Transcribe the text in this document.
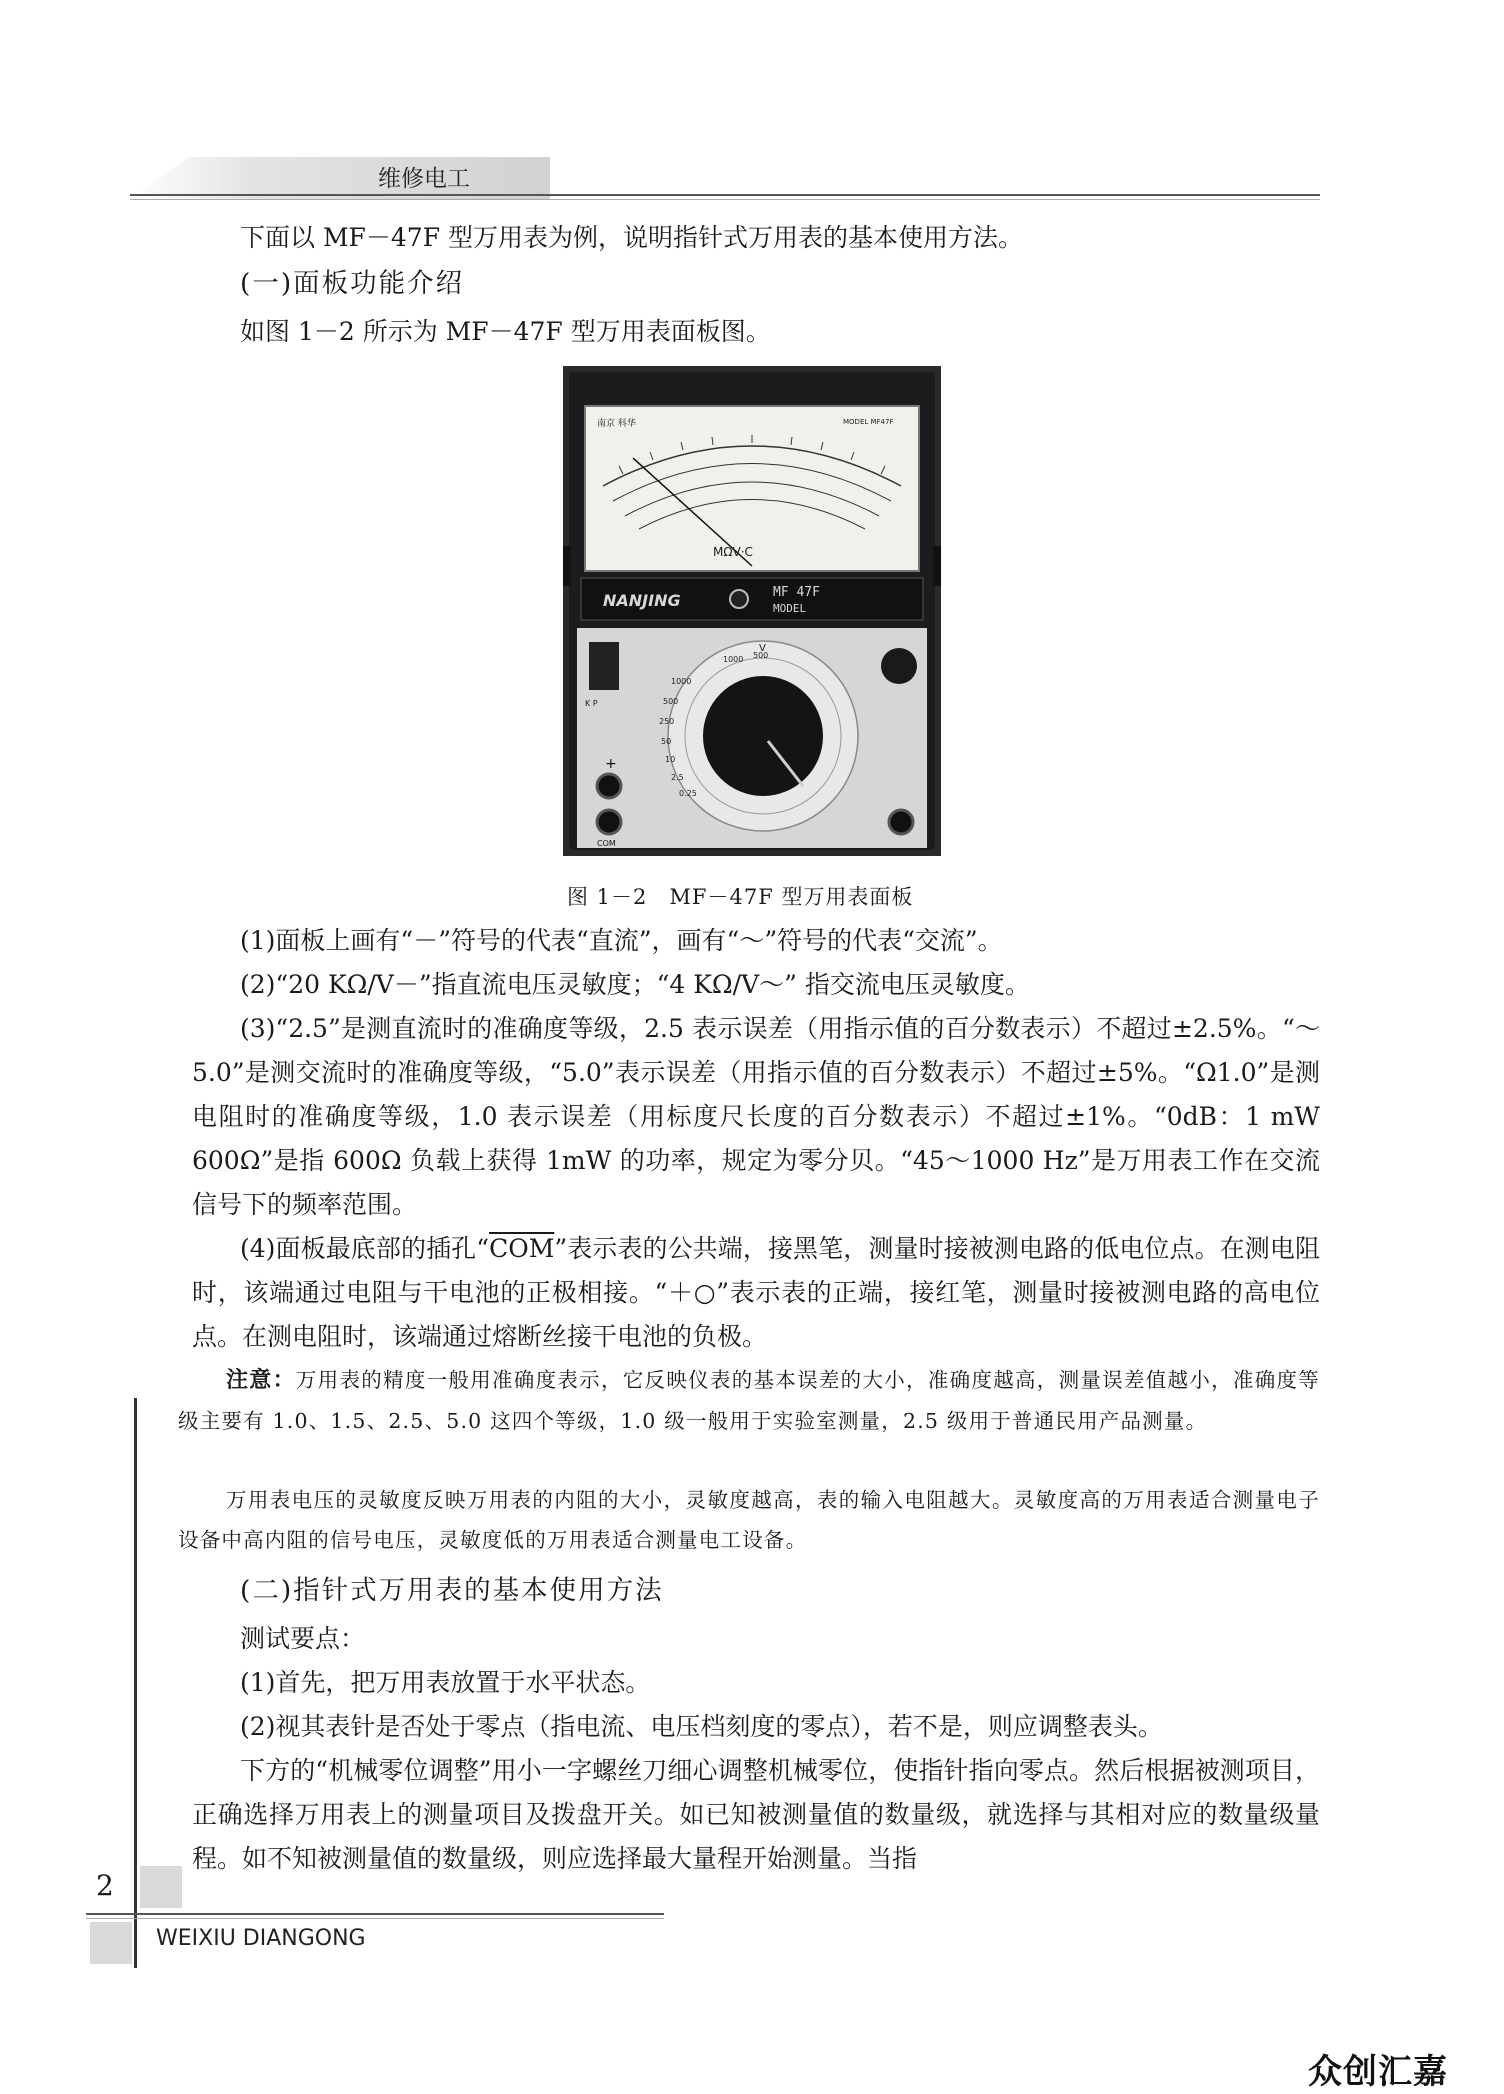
维修电工

下面以 MF－47F 型万用表为例，说明指针式万用表的基本使用方法。

(一)面板功能介绍

如图 1－2 所示为 MF－47F 型万用表面板图。

南京 科华	MODEL MF47F
MΩV·C
NANJING	MF 47F
MODEL
1000
500
250
50
10
2.5
0.25
1000 500
V
K P
+
COM
图 1－2　MF－47F 型万用表面板

(1)面板上画有“－”符号的代表“直流”，画有“～”符号的代表“交流”。

(2)“20 KΩ/V－”指直流电压灵敏度；“4 KΩ/V～” 指交流电压灵敏度。

(3)“2.5”是测直流时的准确度等级，2.5 表示误差（用指示值的百分数表示）不超过±2.5%。“～5.0”是测交流时的准确度等级，“5.0”表示误差（用指示值的百分数表示）不超过±5%。“Ω1.0”是测电阻时的准确度等级，1.0 表示误差（用标度尺长度的百分数表示）不超过±1%。“0dB：1 mW 600Ω”是指 600Ω 负载上获得 1mW 的功率，规定为零分贝。“45～1000 Hz”是万用表工作在交流信号下的频率范围。

(4)面板最底部的插孔“$\overline{COM}$”表示表的公共端，接黑笔，测量时接被测电路的低电位点。在测电阻时，该端通过电阻与干电池的正极相接。“＋○”表示表的正端，接红笔，测量时接被测电路的高电位点。在测电阻时，该端通过熔断丝接干电池的负极。

注意：万用表的精度一般用准确度表示，它反映仪表的基本误差的大小，准确度越高，测量误差值越小，准确度等级主要有 1.0、1.5、2.5、5.0 这四个等级，1.0 级一般用于实验室测量，2.5 级用于普通民用产品测量。
万用表电压的灵敏度反映万用表的内阻的大小，灵敏度越高，表的输入电阻越大。灵敏度高的万用表适合测量电子设备中高内阻的信号电压，灵敏度低的万用表适合测量电工设备。
(二)指针式万用表的基本使用方法

测试要点：

(1)首先，把万用表放置于水平状态。

(2)视其表针是否处于零点（指电流、电压档刻度的零点），若不是，则应调整表头。

下方的“机械零位调整”用小一字螺丝刀细心调整机械零位，使指针指向零点。然后根据被测项目，正确选择万用表上的测量项目及拨盘开关。如已知被测量值的数量级，就选择与其相对应的数量级量程。如不知被测量值的数量级，则应选择最大量程开始测量。当指

2
WEIXIU DIANGONG
众创汇嘉
